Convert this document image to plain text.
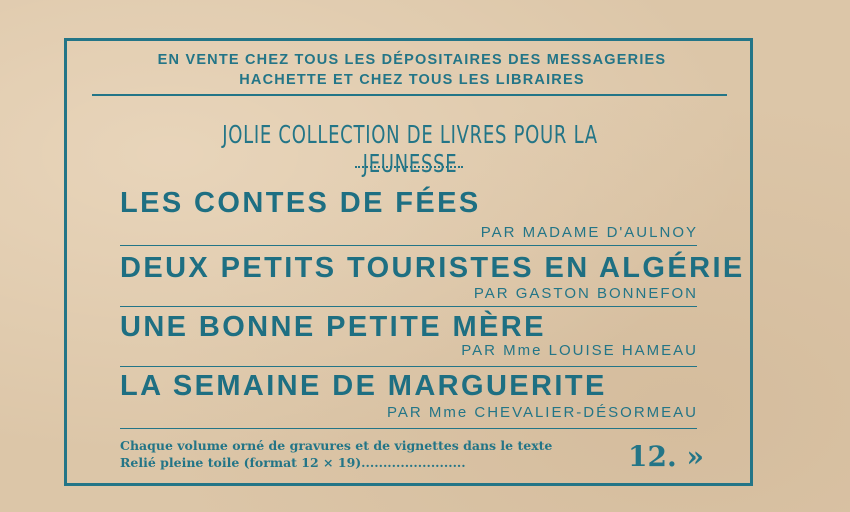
EN VENTE CHEZ TOUS LES DÉPOSITAIRES DES MESSAGERIES
HACHETTE ET CHEZ TOUS LES LIBRAIRES
JOLIE COLLECTION DE LIVRES POUR LA JEUNESSE
LES CONTES DE FÉES
PAR MADAME D'AULNOY
DEUX PETITS TOURISTES EN ALGÉRIE
PAR GASTON BONNEFON
UNE BONNE PETITE MÈRE
PAR Mme LOUISE HAMEAU
LA SEMAINE DE MARGUERITE
PAR Mme CHEVALIER-DÉSORMEAU
Chaque volume orné de gravures et de vignettes dans le texte
Relié pleine toile (format 12 × 19)........................	12. »
